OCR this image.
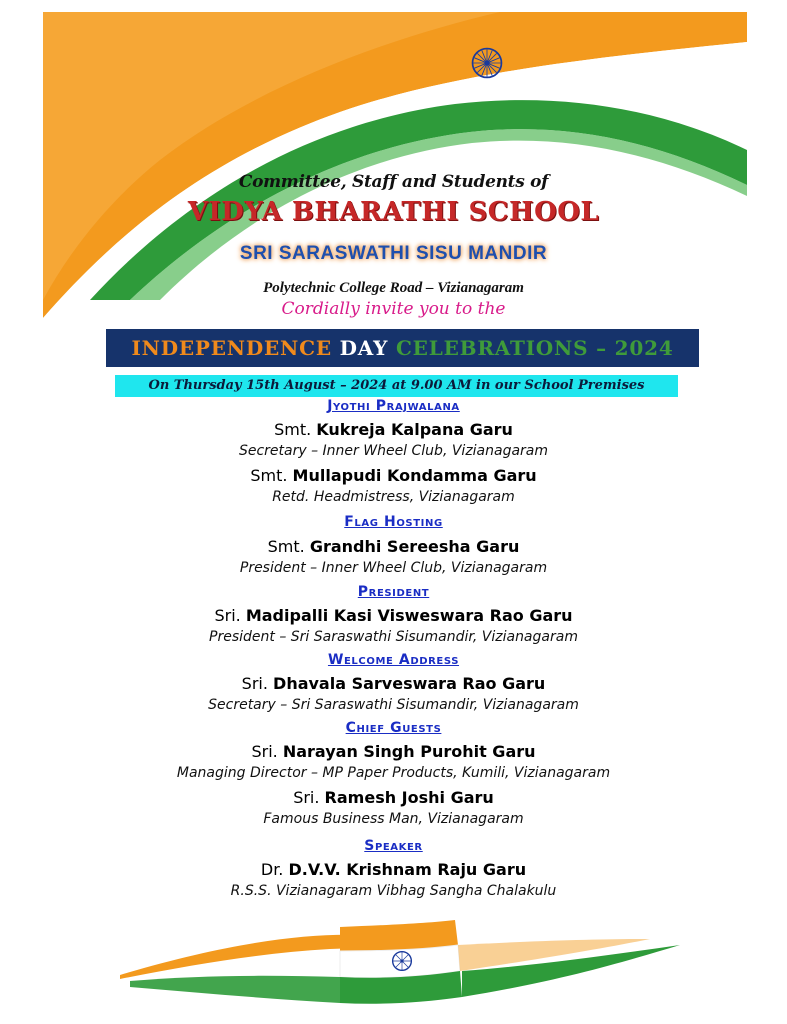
Committee, Staff and Students of
VIDYA BHARATHI SCHOOL
SRI SARASWATHI SISU MANDIR
Polytechnic College Road – Vizianagaram
Cordially invite you to the
INDEPENDENCE DAY CELEBRATIONS – 2024
On Thursday 15th August – 2024 at 9.00 AM in our School Premises
Jyothi Prajwalana
Smt. Kukreja Kalpana Garu
Secretary – Inner Wheel Club, Vizianagaram
Smt. Mullapudi Kondamma Garu
Retd. Headmistress, Vizianagaram
Flag Hosting
Smt. Grandhi Sereesha Garu
President – Inner Wheel Club, Vizianagaram
President
Sri. Madipalli Kasi Visweswara Rao Garu
President – Sri Saraswathi Sisumandir, Vizianagaram
Welcome Address
Sri. Dhavala Sarveswara Rao Garu
Secretary – Sri Saraswathi Sisumandir, Vizianagaram
Chief Guests
Sri. Narayan Singh Purohit Garu
Managing Director – MP Paper Products, Kumili, Vizianagaram
Sri. Ramesh Joshi Garu
Famous Business Man, Vizianagaram
Speaker
Dr. D.V.V. Krishnam Raju Garu
R.S.S. Vizianagaram Vibhag Sangha Chalakulu
